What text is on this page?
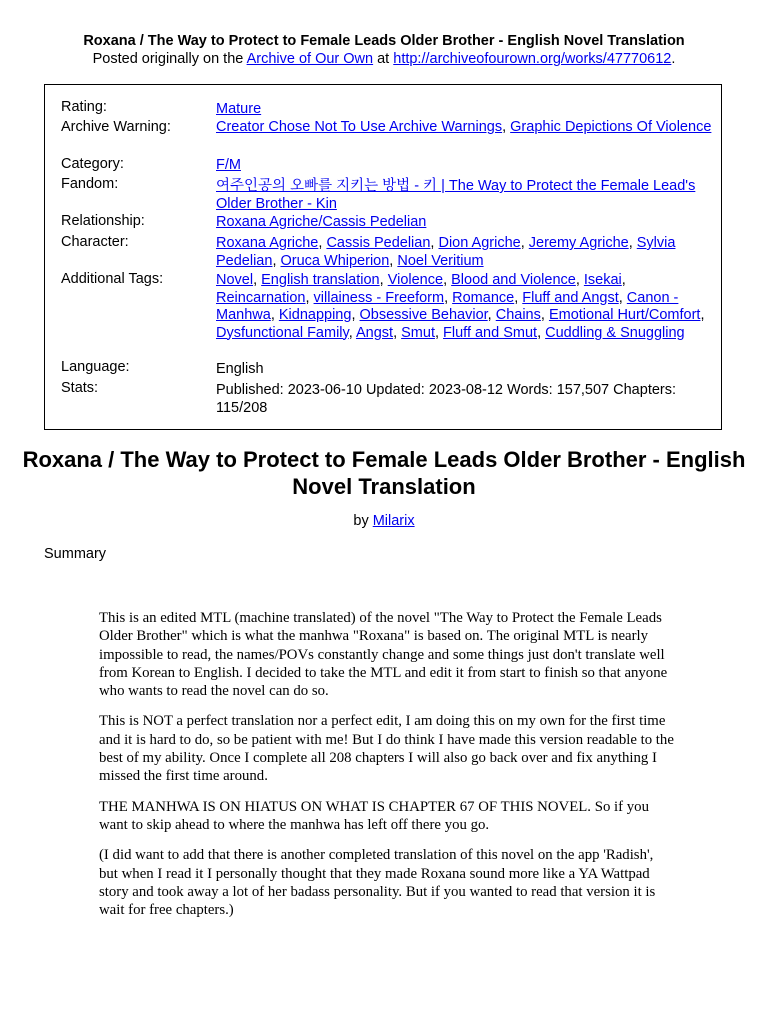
Roxana / The Way to Protect to Female Leads Older Brother - English Novel Translation
Posted originally on the Archive of Our Own at http://archiveofourown.org/works/47770612.
Rating:	Mature
Archive Warning:	Creator Chose Not To Use Archive Warnings, Graphic Depictions Of Violence
Category:	F/M
Fandom:	여주인공의 오빠를 지키는 방법 - 키 | The Way to Protect the Female Lead's Older Brother - Kin
Relationship:	Roxana Agriche/Cassis Pedelian
Character:	Roxana Agriche, Cassis Pedelian, Dion Agriche, Jeremy Agriche, Sylvia Pedelian, Oruca Whiperion, Noel Veritium
Additional Tags:	Novel, English translation, Violence, Blood and Violence, Isekai, Reincarnation, villainess - Freeform, Romance, Fluff and Angst, Canon - Manhwa, Kidnapping, Obsessive Behavior, Chains, Emotional Hurt/Comfort, Dysfunctional Family, Angst, Smut, Fluff and Smut, Cuddling & Snuggling
Language:	English
Stats:	Published: 2023-06-10 Updated: 2023-08-12 Words: 157,507 Chapters: 115/208
Roxana / The Way to Protect to Female Leads Older Brother - English Novel Translation
by Milarix
Summary

This is an edited MTL (machine translated) of the novel "The Way to Protect the Female Leads Older Brother" which is what the manhwa "Roxana" is based on. The original MTL is nearly impossible to read, the names/POVs constantly change and some things just don't translate well from Korean to English. I decided to take the MTL and edit it from start to finish so that anyone who wants to read the novel can do so.

This is NOT a perfect translation nor a perfect edit, I am doing this on my own for the first time and it is hard to do, so be patient with me! But I do think I have made this version readable to the best of my ability. Once I complete all 208 chapters I will also go back over and fix anything I missed the first time around.

THE MANHWA IS ON HIATUS ON WHAT IS CHAPTER 67 OF THIS NOVEL. So if you want to skip ahead to where the manhwa has left off there you go.

(I did want to add that there is another completed translation of this novel on the app 'Radish', but when I read it I personally thought that they made Roxana sound more like a YA Wattpad story and took away a lot of her badass personality. But if you wanted to read that version it is wait for free chapters.)
